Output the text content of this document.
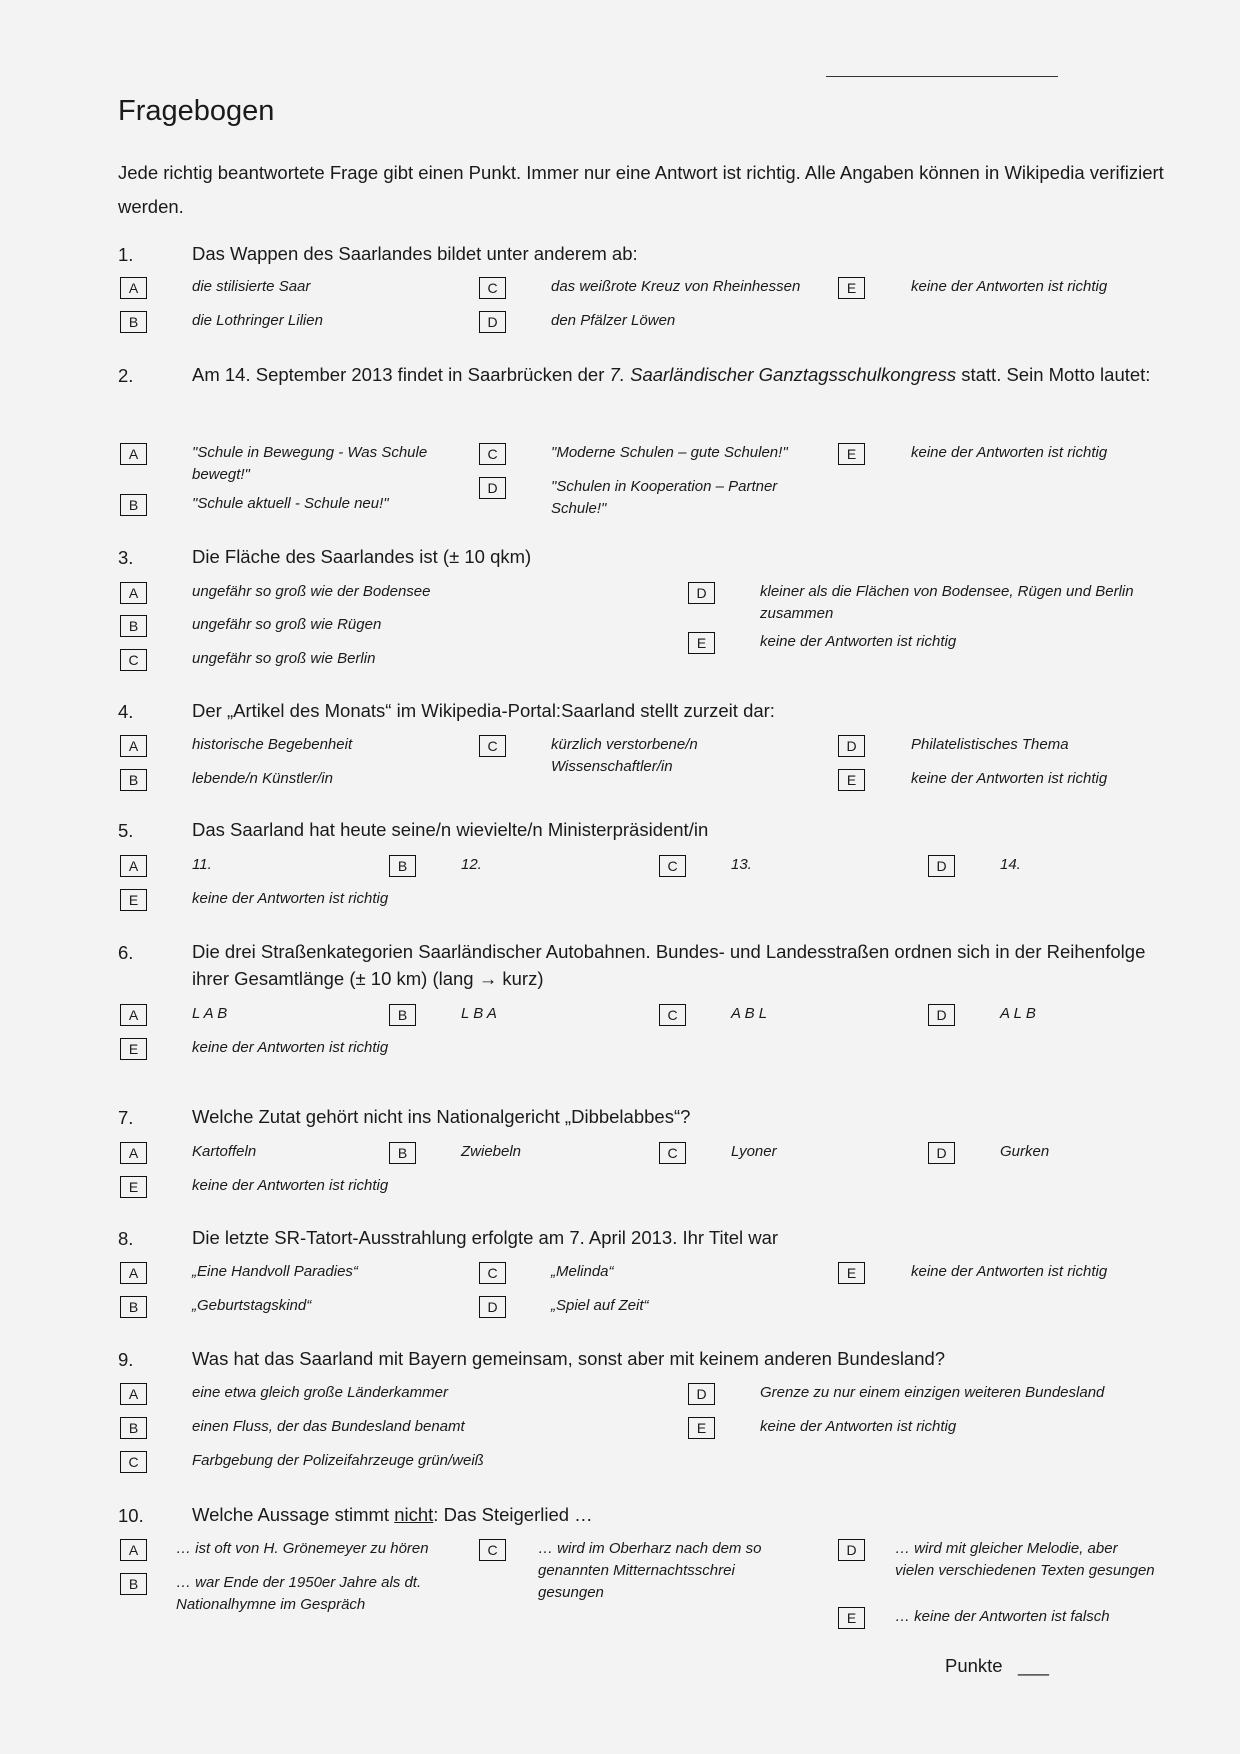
Fragebogen
Jede richtig beantwortete Frage gibt einen Punkt. Immer nur eine Antwort ist richtig. Alle Angaben können in Wikipedia verifiziert werden.
1.	Das Wappen des Saarlandes bildet unter anderem ab:
A	die stilisierte Saar
B	die Lothringer Lilien
C	das weißrote Kreuz von Rheinhessen
D	den Pfälzer Löwen
E	keine der Antworten ist richtig
2.	Am 14. September 2013 findet in Saarbrücken der 7. Saarländischer Ganztagsschulkongress statt. Sein Motto lautet:
A	"Schule in Bewegung - Was Schule bewegt!"
B	"Schule aktuell - Schule neu!"
C	"Moderne Schulen – gute Schulen!"
D	"Schulen in Kooperation – Partner Schule!"
E	keine der Antworten ist richtig
3.	Die Fläche des Saarlandes ist (± 10 qkm)
A	ungefähr so groß wie der Bodensee
B	ungefähr so groß wie Rügen
C	ungefähr so groß wie Berlin
D	kleiner als die Flächen von Bodensee, Rügen und Berlin zusammen
E	keine der Antworten ist richtig
4.	Der „Artikel des Monats“ im Wikipedia-Portal:Saarland stellt zurzeit dar:
A	historische Begebenheit
B	lebende/n Künstler/in
C	kürzlich verstorbene/n Wissenschaftler/in
D	Philatelistisches Thema
E	keine der Antworten ist richtig
5.	Das Saarland hat heute seine/n wievielte/n Ministerpräsident/in
A	11.	B	12.	C	13.	D	14.
E	keine der Antworten ist richtig
6.	Die drei Straßenkategorien Saarländischer Autobahnen. Bundes- und Landesstraßen ordnen sich in der Reihenfolge ihrer Gesamtlänge (± 10 km) (lang → kurz)
A	L A B	B	L B A	C	A B L	D	A L B
E	keine der Antworten ist richtig
7.	Welche Zutat gehört nicht ins Nationalgericht „Dibbelabbes“?
A	Kartoffeln	B	Zwiebeln	C	Lyoner	D	Gurken
E	keine der Antworten ist richtig
8.	Die letzte SR-Tatort-Ausstrahlung erfolgte am 7. April 2013. Ihr Titel war
A	„Eine Handvoll Paradies“
B	„Geburtstagskind“
C	„Melinda“
D	„Spiel auf Zeit“
E	keine der Antworten ist richtig
9.	Was hat das Saarland mit Bayern gemeinsam, sonst aber mit keinem anderen Bundesland?
A	eine etwa gleich große Länderkammer
B	einen Fluss, der das Bundesland benamt
C	Farbgebung der Polizeifahrzeuge grün/weiß
D	Grenze zu nur einem einzigen weiteren Bundesland
E	keine der Antworten ist richtig
10.	Welche Aussage stimmt nicht: Das Steigerlied …
A	… ist oft von H. Grönemeyer zu hören
B	… war Ende der 1950er Jahre als dt. Nationalhymne im Gespräch
C	… wird im Oberharz nach dem so genannten Mitternachtsschrei gesungen
D	… wird mit gleicher Melodie, aber vielen verschiedenen Texten gesungen
E	… keine der Antworten ist falsch
Punkte ___
